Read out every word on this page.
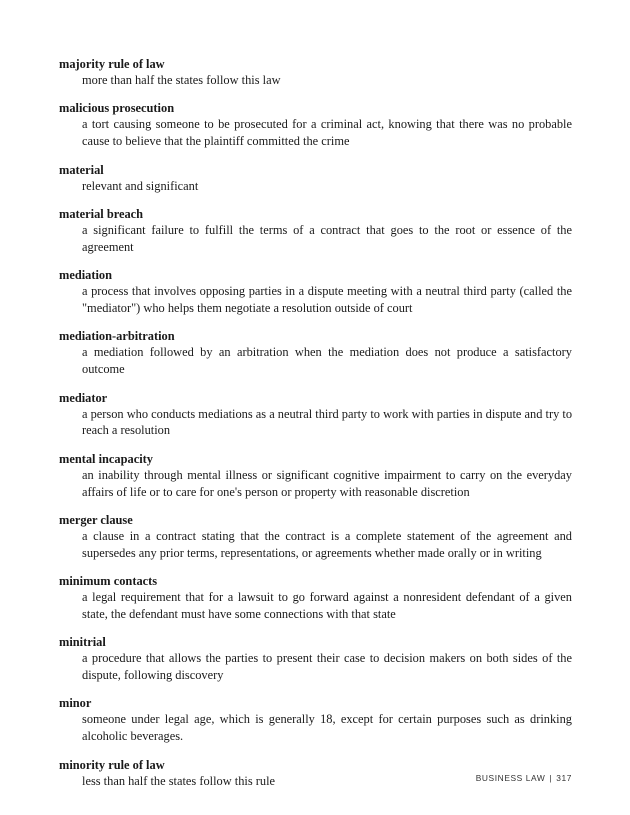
majority rule of law

more than half the states follow this law

malicious prosecution

a tort causing someone to be prosecuted for a criminal act, knowing that there was no probable cause to believe that the plaintiff committed the crime

material

relevant and significant

material breach

a significant failure to fulfill the terms of a contract that goes to the root or essence of the agreement

mediation

a process that involves opposing parties in a dispute meeting with a neutral third party (called the "mediator") who helps them negotiate a resolution outside of court

mediation-arbitration

a mediation followed by an arbitration when the mediation does not produce a satisfactory outcome

mediator

a person who conducts mediations as a neutral third party to work with parties in dispute and try to reach a resolution

mental incapacity

an inability through mental illness or significant cognitive impairment to carry on the everyday affairs of life or to care for one's person or property with reasonable discretion

merger clause

a clause in a contract stating that the contract is a complete statement of the agreement and supersedes any prior terms, representations, or agreements whether made orally or in writing

minimum contacts

a legal requirement that for a lawsuit to go forward against a nonresident defendant of a given state, the defendant must have some connections with that state

minitrial

a procedure that allows the parties to present their case to decision makers on both sides of the dispute, following discovery

minor

someone under legal age, which is generally 18, except for certain purposes such as drinking alcoholic beverages.

minority rule of law

less than half the states follow this rule	BUSINESS LAW | 317
